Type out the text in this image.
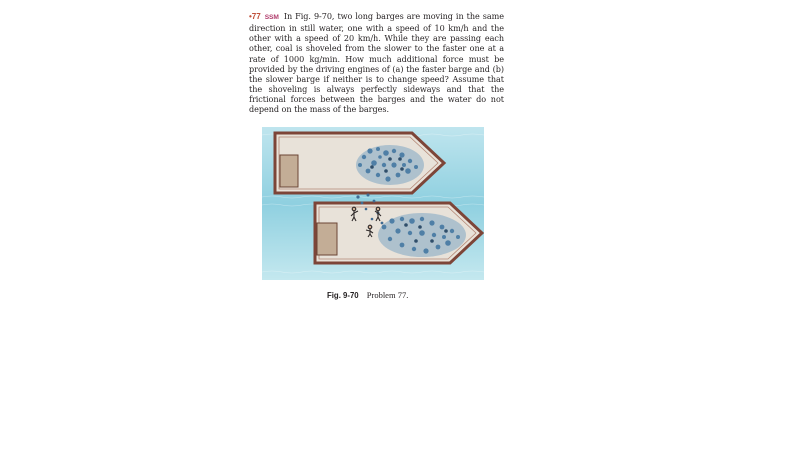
•77 SSM In Fig. 9-70, two long barges are moving in the same direction in still water, one with a speed of 10 km/h and the other with a speed of 20 km/h. While they are passing each other, coal is shoveled from the slower to the faster one at a rate of 1000 kg/min. How much additional force must be provided by the driving engines of (a) the faster barge and (b) the slower barge if neither is to change speed? Assume that the shoveling is always perfectly sideways and that the frictional forces between the barges and the water do not depend on the mass of the barges.
Fig. 9-70 Problem 77.
